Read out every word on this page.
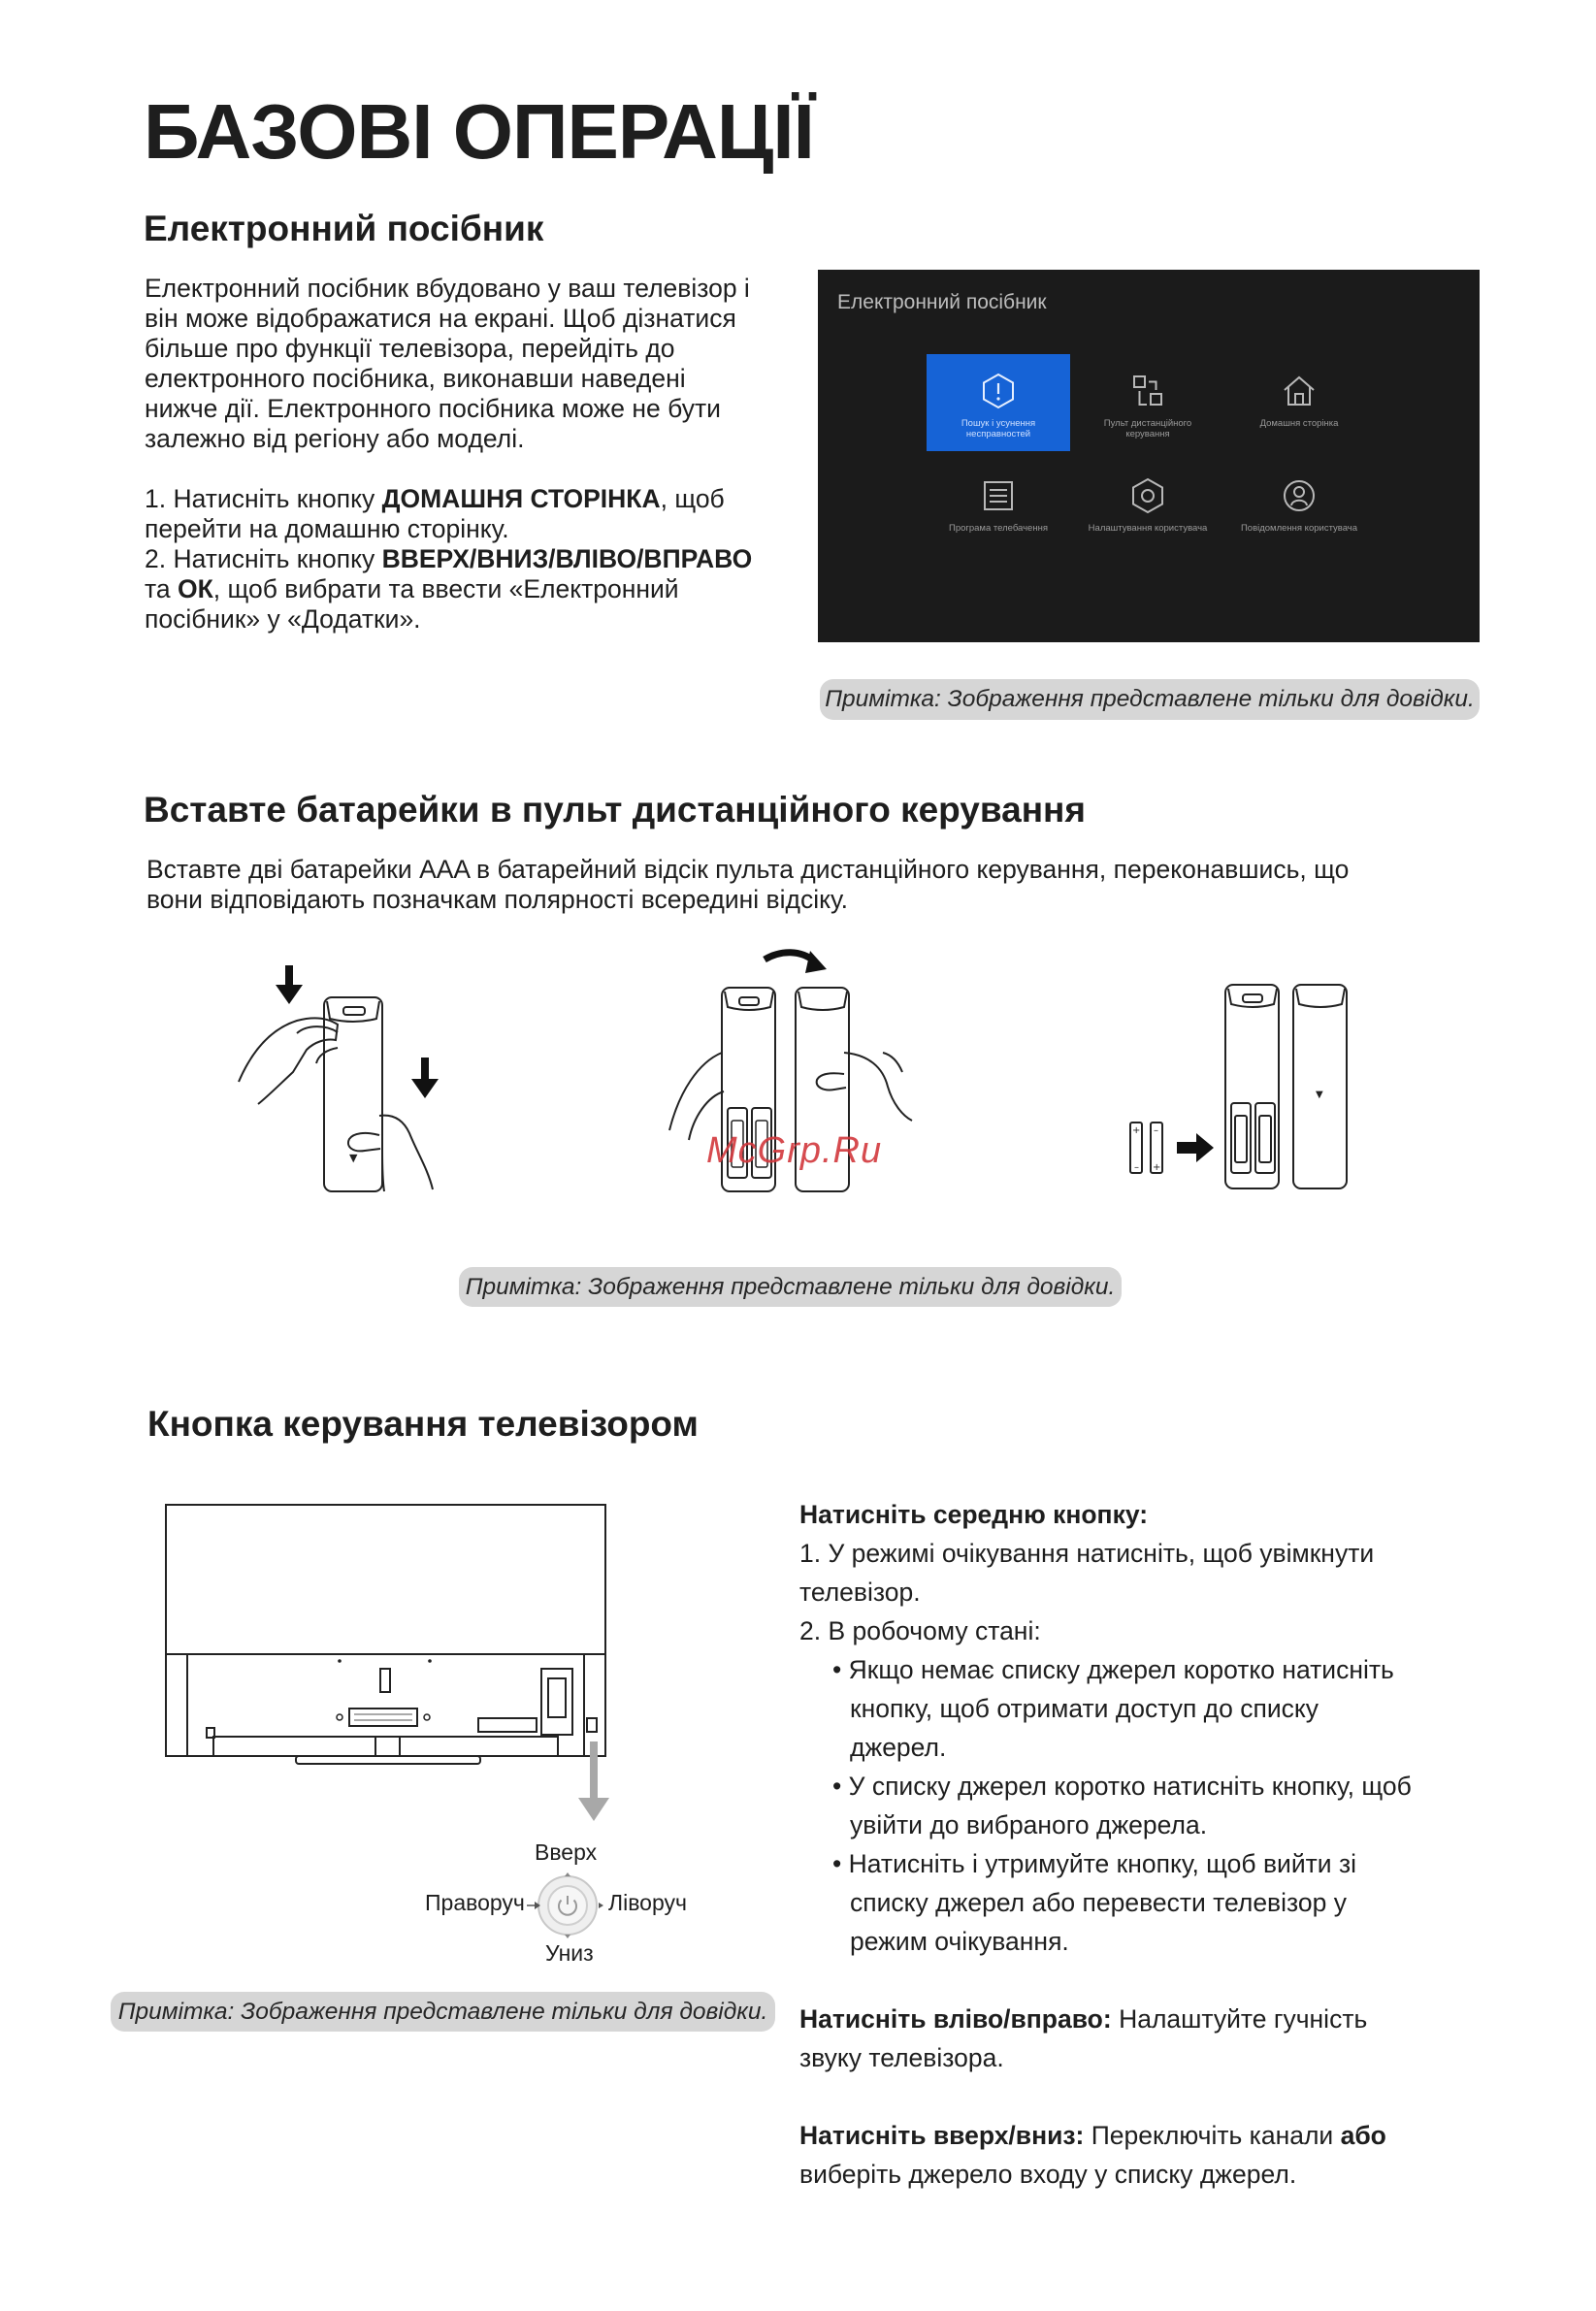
БАЗОВІ ОПЕРАЦІЇ
Електронний посібник

Електронний посібник вбудовано у ваш телевізор і він може відображатися на екрані. Щоб дізнатися більше про функції телевізора, перейдіть до електронного посібника, виконавши наведені нижче дії. Електронного посібника може не бути залежно від регіону або моделі.

1. Натисніть кнопку ДОМАШНЯ СТОРІНКА, щоб перейти на домашню сторінку.

2. Натисніть кнопку ВВЕРХ/ВНИЗ/ВЛІВО/ВПРАВО та ОК, щоб вибрати та ввести «Електронний посібник» у «Додатки».

Електронний посібник
Пошук і усунення несправностей
Пульт дистанційного керування
Домашня сторінка
Програма телебачення	Налаштування користувача	Повідомлення користувача
Примітка: Зображення представлене тільки для довідки.
Вставте батарейки в пульт дистанційного керування

Вставте дві батарейки AAA в батарейний відсік пульта дистанційного керування, переконавшись, що вони відповідають позначкам полярності всередині відсіку.

▼
+
–
–
+
▼
McGrp.Ru
Примітка: Зображення представлене тільки для довідки.
Кнопка керування телевізором
Вверх
Праворуч	Ліворуч
Униз
Примітка: Зображення представлене тільки для довідки.

Натисніть середню кнопку:

1. У режимі очікування натисніть, щоб увімкнути телевізор.

2. В робочому стані:

• Якщо немає списку джерел коротко натисніть кнопку, щоб отримати доступ до списку джерел.

• У списку джерел коротко натисніть кнопку, щоб увійти до вибраного джерела.

• Натисніть і утримуйте кнопку, щоб вийти зі списку джерел або перевести телевізор у режим очікування.

Натисніть вліво/вправо: Налаштуйте гучність звуку телевізора.

Натисніть вверх/вниз: Переключіть канали або виберіть джерело входу у списку джерел.
